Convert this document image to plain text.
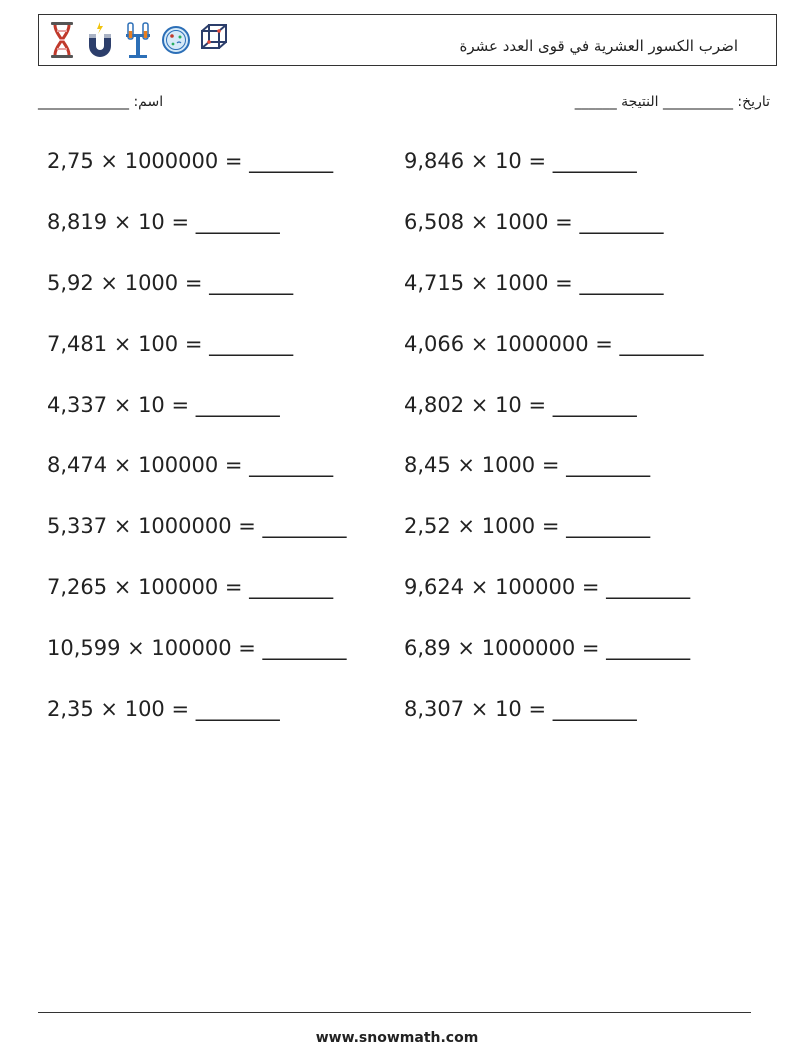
اضرب الكسور العشرية في قوى العدد عشرة
اسم: _____________	تاريخ: __________ النتيجة ______
2,75 × 1000000 = ________	9,846 × 10 = ________
8,819 × 10 = ________	6,508 × 1000 = ________
5,92 × 1000 = ________	4,715 × 1000 = ________
7,481 × 100 = ________	4,066 × 1000000 = ________
4,337 × 10 = ________	4,802 × 10 = ________
8,474 × 100000 = ________	8,45 × 1000 = ________
5,337 × 1000000 = ________	2,52 × 1000 = ________
7,265 × 100000 = ________	9,624 × 100000 = ________
10,599 × 100000 = ________	6,89 × 1000000 = ________
2,35 × 100 = ________	8,307 × 10 = ________
www.snowmath.com
